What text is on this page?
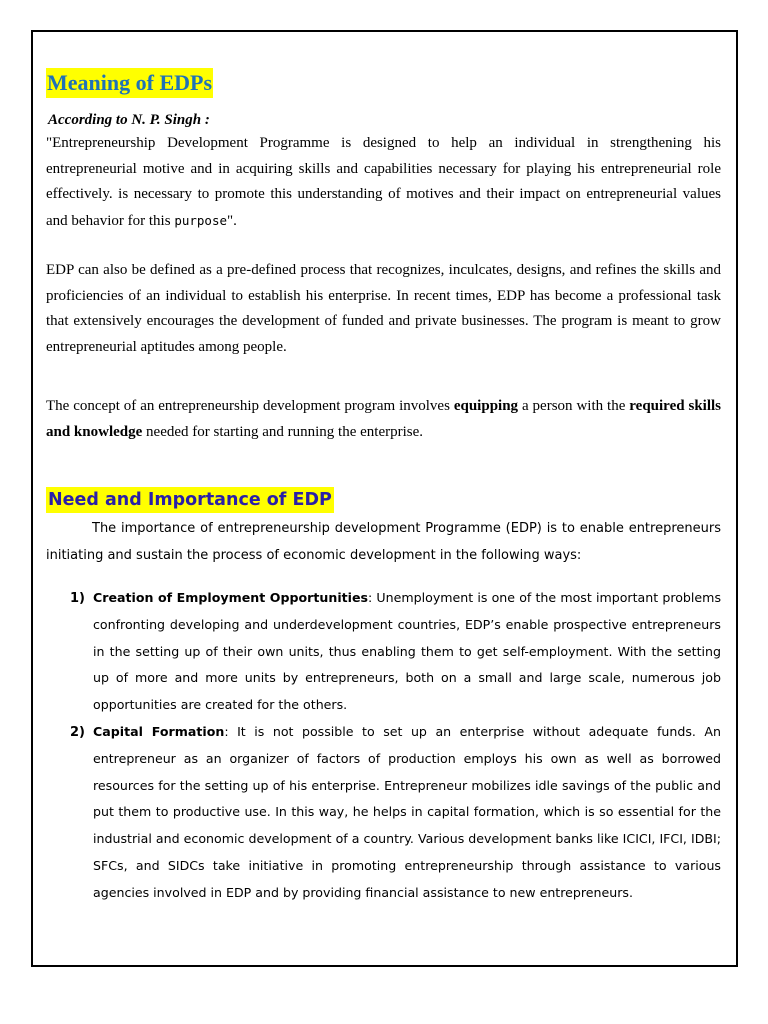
Meaning of EDPs
According to N. P. Singh :

"Entrepreneurship Development Programme is designed to help an individual in strengthening his entrepreneurial motive and in acquiring skills and capabilities necessary for playing his entrepreneurial role effectively. is necessary to promote this understanding of motives and their impact on entrepreneurial values and behavior for this purpose".

EDP can also be defined as a pre-defined process that recognizes, inculcates, designs, and refines the skills and proficiencies of an individual to establish his enterprise. In recent times, EDP has become a professional task that extensively encourages the development of funded and private businesses. The program is meant to grow entrepreneurial aptitudes among people.

The concept of an entrepreneurship development program involves equipping a person with the required skills and knowledge needed for starting and running the enterprise.

Need and Importance of EDP

The importance of entrepreneurship development Programme (EDP) is to enable entrepreneurs initiating and sustain the process of economic development in the following ways:

1) Creation of Employment Opportunities: Unemployment is one of the most important problems confronting developing and underdevelopment countries, EDP’s enable prospective entrepreneurs in the setting up of their own units, thus enabling them to get self-employment. With the setting up of more and more units by entrepreneurs, both on a small and large scale, numerous job opportunities are created for the others.

2) Capital Formation: It is not possible to set up an enterprise without adequate funds. An entrepreneur as an organizer of factors of production employs his own as well as borrowed resources for the setting up of his enterprise. Entrepreneur mobilizes idle savings of the public and put them to productive use. In this way, he helps in capital formation, which is so essential for the industrial and economic development of a country. Various development banks like ICICI, IFCI, IDBI; SFCs, and SIDCs take initiative in promoting entrepreneurship through assistance to various agencies involved in EDP and by providing financial assistance to new entrepreneurs.
